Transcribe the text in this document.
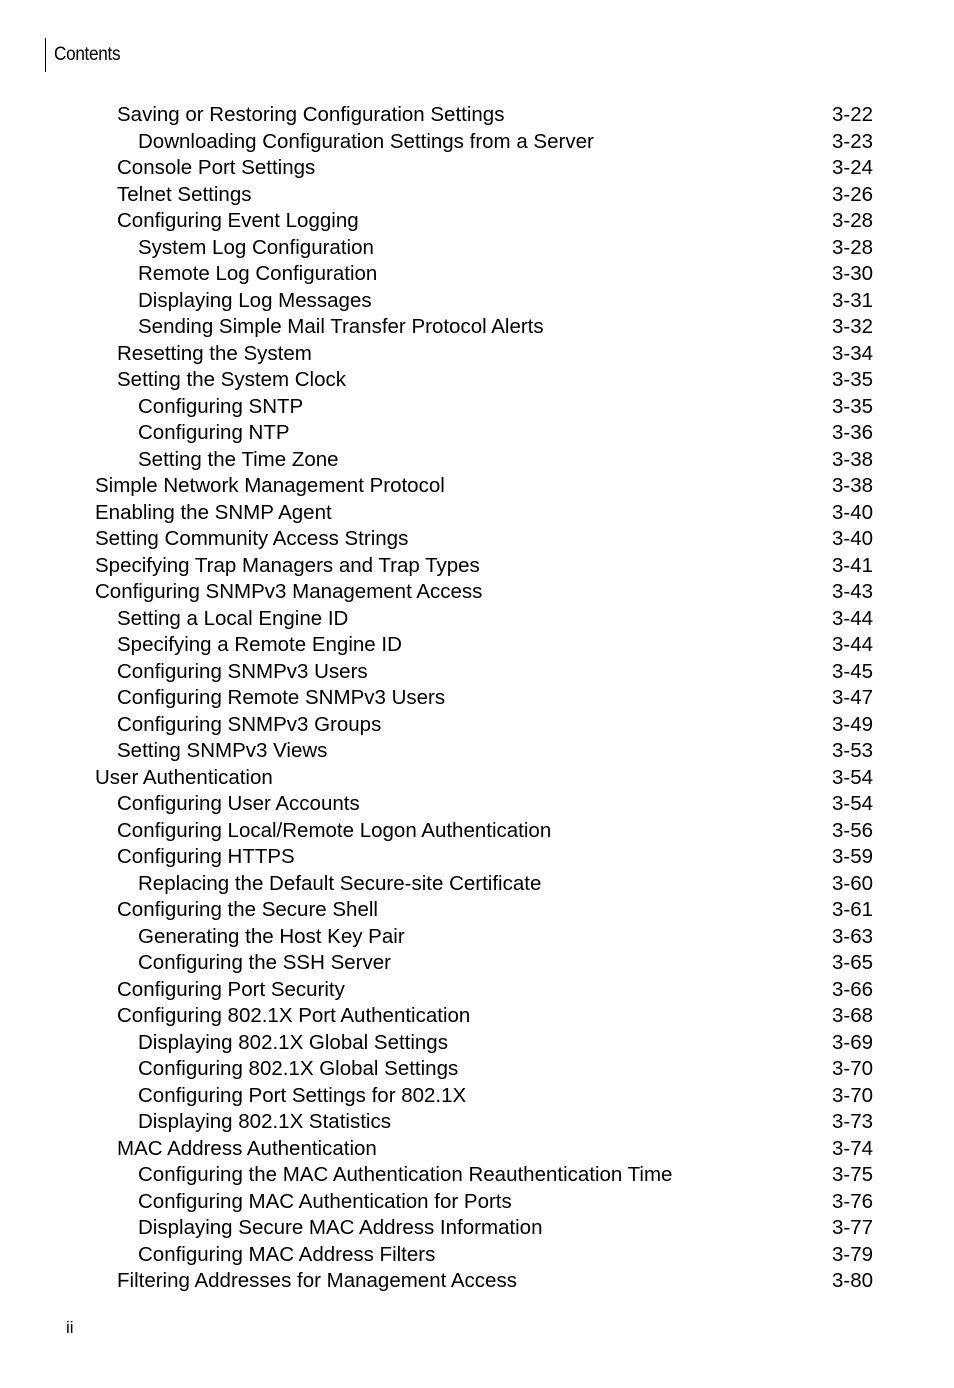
Contents
Saving or Restoring Configuration Settings	3-22
Downloading Configuration Settings from a Server	3-23
Console Port Settings	3-24
Telnet Settings	3-26
Configuring Event Logging	3-28
System Log Configuration	3-28
Remote Log Configuration	3-30
Displaying Log Messages	3-31
Sending Simple Mail Transfer Protocol Alerts	3-32
Resetting the System	3-34
Setting the System Clock	3-35
Configuring SNTP	3-35
Configuring NTP	3-36
Setting the Time Zone	3-38
Simple Network Management Protocol	3-38
Enabling the SNMP Agent	3-40
Setting Community Access Strings	3-40
Specifying Trap Managers and Trap Types	3-41
Configuring SNMPv3 Management Access	3-43
Setting a Local Engine ID	3-44
Specifying a Remote Engine ID	3-44
Configuring SNMPv3 Users	3-45
Configuring Remote SNMPv3 Users	3-47
Configuring SNMPv3 Groups	3-49
Setting SNMPv3 Views	3-53
User Authentication	3-54
Configuring User Accounts	3-54
Configuring Local/Remote Logon Authentication	3-56
Configuring HTTPS	3-59
Replacing the Default Secure-site Certificate	3-60
Configuring the Secure Shell	3-61
Generating the Host Key Pair	3-63
Configuring the SSH Server	3-65
Configuring Port Security	3-66
Configuring 802.1X Port Authentication	3-68
Displaying 802.1X Global Settings	3-69
Configuring 802.1X Global Settings	3-70
Configuring Port Settings for 802.1X	3-70
Displaying 802.1X Statistics	3-73
MAC Address Authentication	3-74
Configuring the MAC Authentication Reauthentication Time	3-75
Configuring MAC Authentication for Ports	3-76
Displaying Secure MAC Address Information	3-77
Configuring MAC Address Filters	3-79
Filtering Addresses for Management Access	3-80
ii
